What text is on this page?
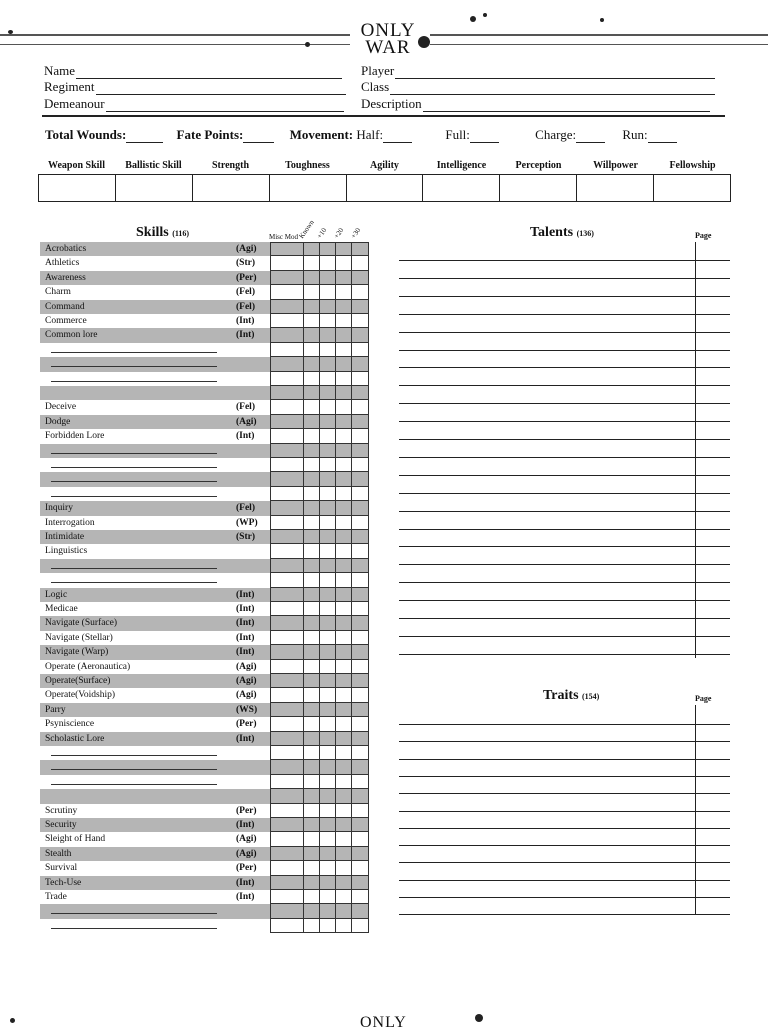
ONLY
WAR
Name
Regiment
Demeanour
Player
Class
Description
Total Wounds:	Fate Points:	Movement: Half:	Full:	Charge:	Run:
Weapon Skill	Ballistic Skill	Strength	Toughness	Agility	Intelligence	Perception	Willpower	Fellowship
Skills (116)	Misc Mod Known +10 +20 +30
Acrobatics	(Agi)
Athletics	(Str)
Awareness	(Per)
Charm	(Fel)
Command	(Fel)
Commerce	(Int)
Common lore	(Int)
Deceive	(Fel)
Dodge	(Agi)
Forbidden Lore	(Int)
Inquiry	(Fel)
Interrogation	(WP)
Intimidate	(Str)
Linguistics
Logic	(Int)
Medicae	(Int)
Navigate (Surface)	(Int)
Navigate (Stellar)	(Int)
Navigate (Warp)	(Int)
Operate (Aeronautica)	(Agi)
Operate(Surface)	(Agi)
Operate(Voidship)	(Agi)
Parry	(WS)
Psyniscience	(Per)
Scholastic Lore	(Int)
Scrutiny	(Per)
Security	(Int)
Sleight of Hand	(Agi)
Stealth	(Agi)
Survival	(Per)
Tech-Use	(Int)
Trade	(Int)
Talents (136)	Page
Traits (154)	Page
ONLY
